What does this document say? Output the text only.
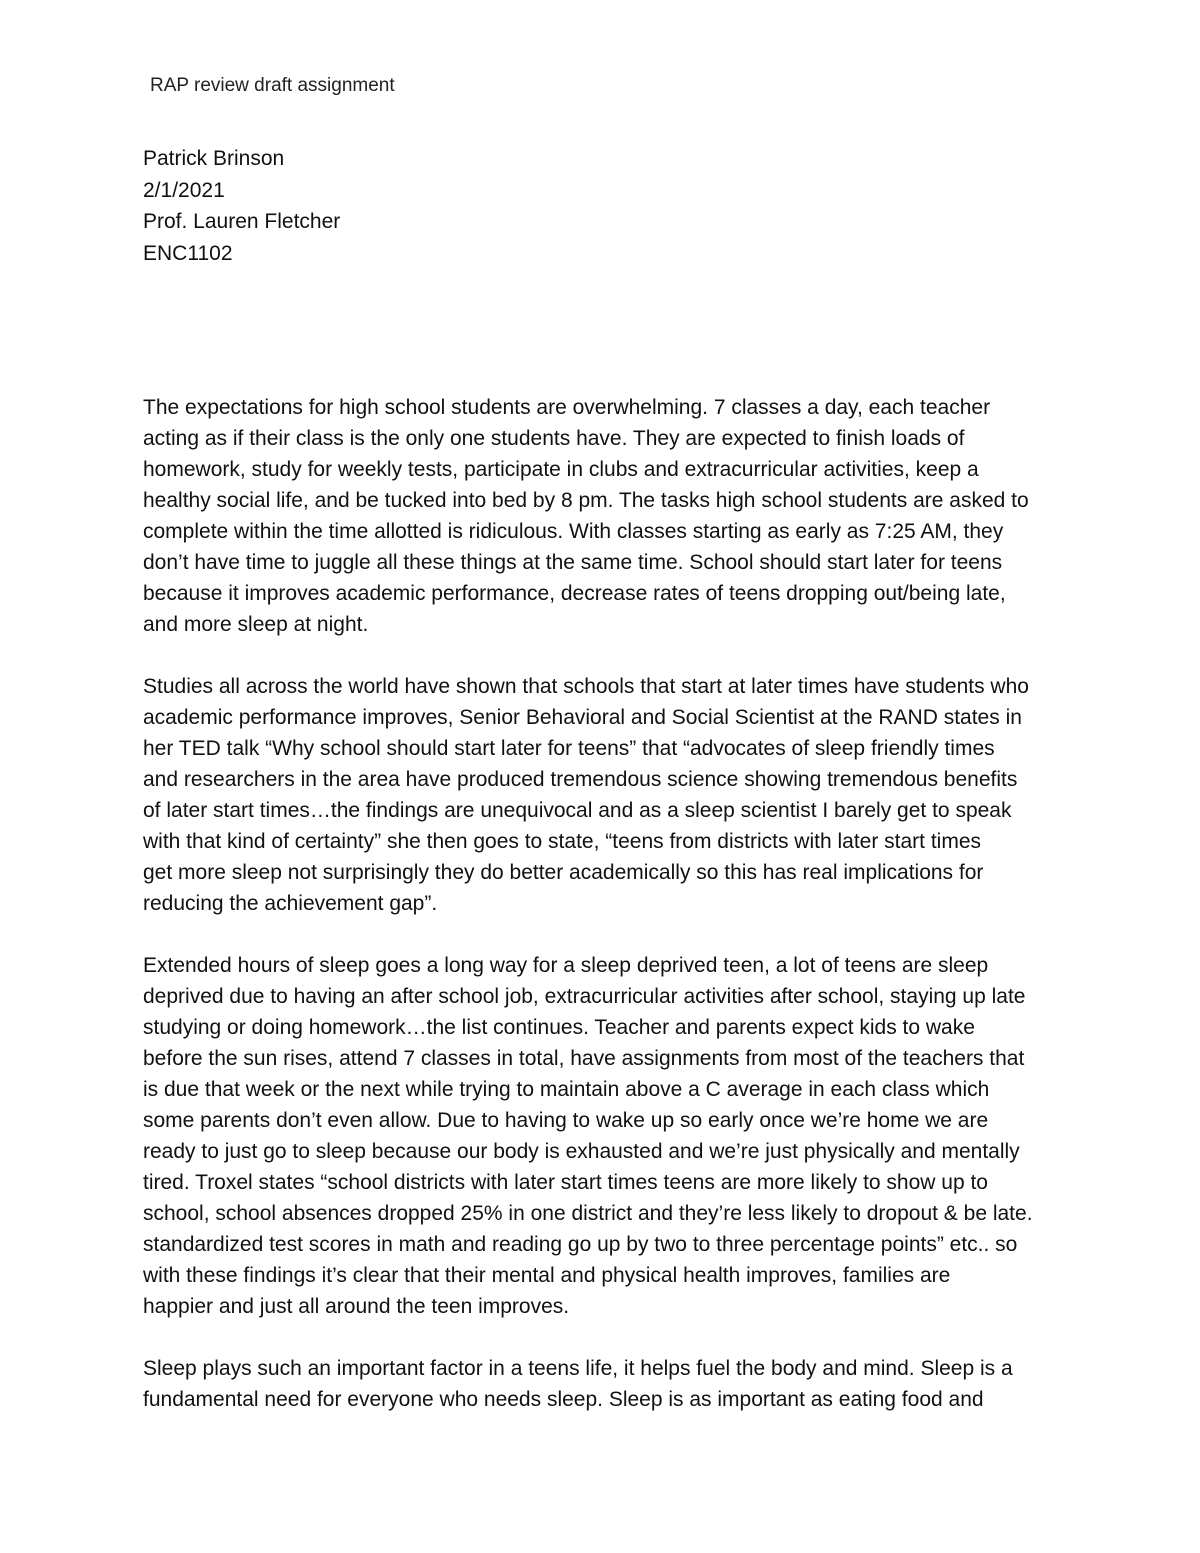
RAP review draft assignment
Patrick Brinson
2/1/2021
Prof. Lauren Fletcher
ENC1102
The expectations for high school students are overwhelming. 7 classes a day, each teacher
acting as if their class is the only one students have. They are expected to finish loads of
homework, study for weekly tests, participate in clubs and extracurricular activities, keep a
healthy social life, and be tucked into bed by 8 pm. The tasks high school students are asked to
complete within the time allotted is ridiculous. With classes starting as early as 7:25 AM, they
don’t have time to juggle all these things at the same time. School should start later for teens
because it improves academic performance, decrease rates of teens dropping out/being late,
and more sleep at night.
Studies all across the world have shown that schools that start at later times have students who
academic performance improves, Senior Behavioral and Social Scientist at the RAND states in
her TED talk “Why school should start later for teens” that “advocates of sleep friendly times
and researchers in the area have produced tremendous science showing tremendous benefits
of later start times…the findings are unequivocal and as a sleep scientist I barely get to speak
with that kind of certainty” she then goes to state, “teens from districts with later start times
get more sleep not surprisingly they do better academically so this has real implications for
reducing the achievement gap”.
Extended hours of sleep goes a long way for a sleep deprived teen, a lot of teens are sleep
deprived due to having an after school job, extracurricular activities after school, staying up late
studying or doing homework…the list continues. Teacher and parents expect kids to wake
before the sun rises, attend 7 classes in total, have assignments from most of the teachers that
is due that week or the next while trying to maintain above a C average in each class which
some parents don’t even allow. Due to having to wake up so early once we’re home we are
ready to just go to sleep because our body is exhausted and we’re just physically and mentally
tired. Troxel states “school districts with later start times teens are more likely to show up to
school, school absences dropped 25% in one district and they’re less likely to dropout & be late.
standardized test scores in math and reading go up by two to three percentage points” etc.. so
with these findings it’s clear that their mental and physical health improves, families are
happier and just all around the teen improves.
Sleep plays such an important factor in a teens life, it helps fuel the body and mind. Sleep is a
fundamental need for everyone who needs sleep. Sleep is as important as eating food and
